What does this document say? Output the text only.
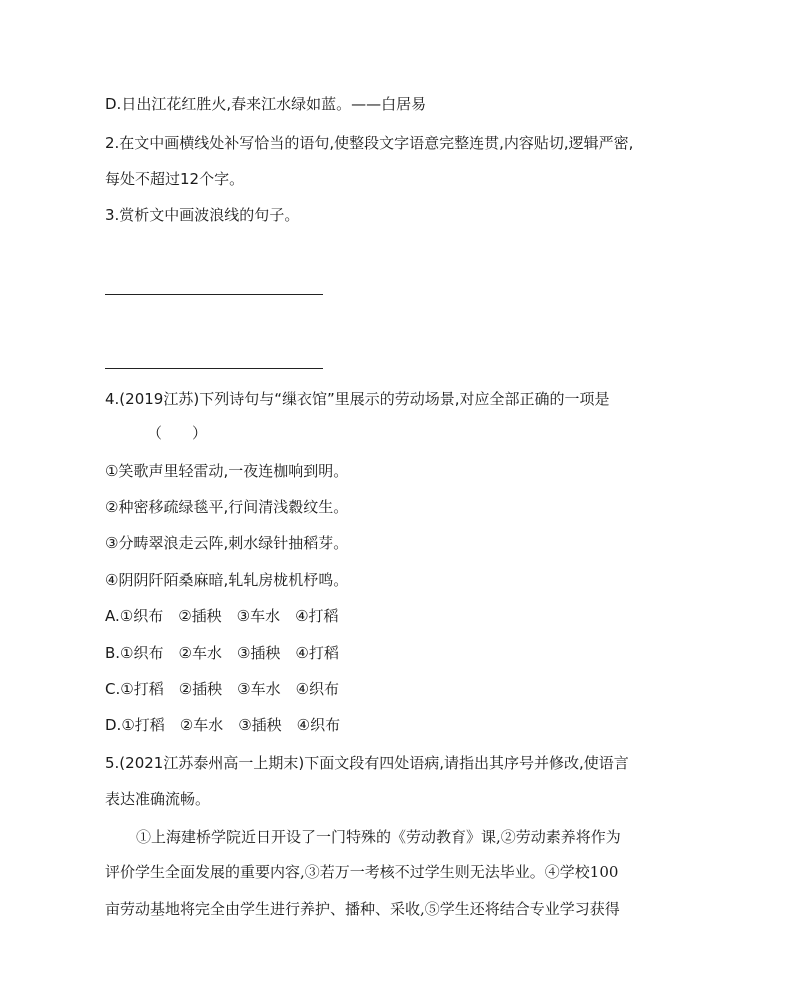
D.日出江花红胜火,春来江水绿如蓝。——白居易
2.在文中画横线处补写恰当的语句,使整段文字语意完整连贯,内容贴切,逻辑严密,
每处不超过12个字。
3.赏析文中画波浪线的句子。
4.(2019江苏)下列诗句与“缫衣馆”里展示的劳动场景,对应全部正确的一项是
（　　）
①笑歌声里轻雷动,一夜连枷响到明。
②种密移疏绿毯平,行间清浅縠纹生。
③分畴翠浪走云阵,刺水绿针抽稻芽。
④阴阴阡陌桑麻暗,轧轧房栊机杼鸣。
A.①织布　②插秧　③车水　④打稻
B.①织布　②车水　③插秧　④打稻
C.①打稻　②插秧　③车水　④织布
D.①打稻　②车水　③插秧　④织布
5.(2021江苏泰州高一上期末)下面文段有四处语病,请指出其序号并修改,使语言
表达准确流畅。
①上海建桥学院近日开设了一门特殊的《劳动教育》课,②劳动素养将作为
评价学生全面发展的重要内容,③若万一考核不过学生则无法毕业。④学校100
亩劳动基地将完全由学生进行养护、播种、采收,⑤学生还将结合专业学习获得
